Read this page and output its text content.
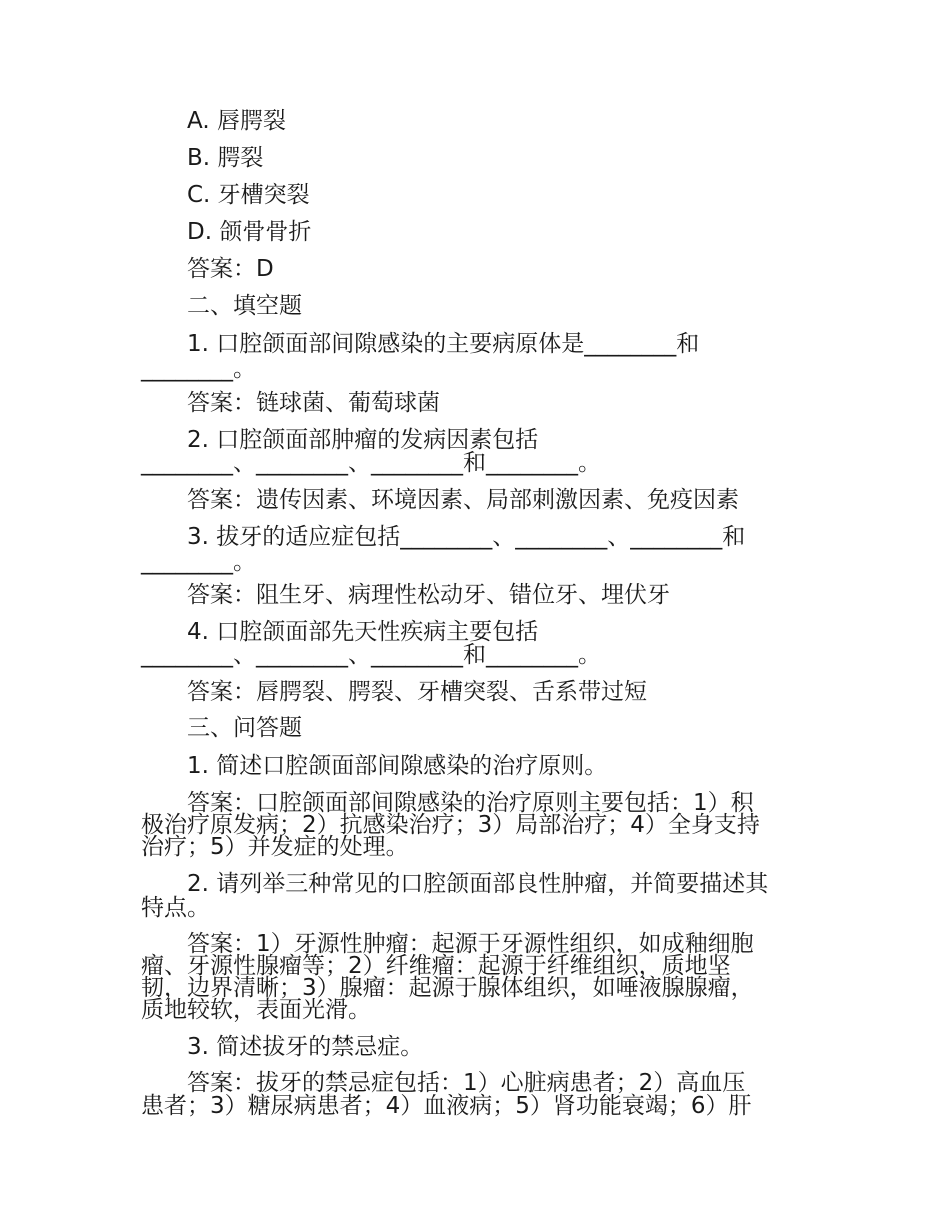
A. 唇腭裂
B. 腭裂
C. 牙槽突裂
D. 颌骨骨折
答案：D
二、填空题
1. 口腔颌面部间隙感染的主要病原体是________和
________。
答案：链球菌、葡萄球菌
2. 口腔颌面部肿瘤的发病因素包括
________、________、________和________。
答案：遗传因素、环境因素、局部刺激因素、免疫因素
3. 拔牙的适应症包括________、________、________和
________。
答案：阻生牙、病理性松动牙、错位牙、埋伏牙
4. 口腔颌面部先天性疾病主要包括
________、________、________和________。
答案：唇腭裂、腭裂、牙槽突裂、舌系带过短
三、问答题
1. 简述口腔颌面部间隙感染的治疗原则。
答案：口腔颌面部间隙感染的治疗原则主要包括：1）积
极治疗原发病；2）抗感染治疗；3）局部治疗；4）全身支持
治疗；5）并发症的处理。
2. 请列举三种常见的口腔颌面部良性肿瘤，并简要描述其
特点。
答案：1）牙源性肿瘤：起源于牙源性组织，如成釉细胞
瘤、牙源性腺瘤等；2）纤维瘤：起源于纤维组织，质地坚
韧，边界清晰；3）腺瘤：起源于腺体组织，如唾液腺腺瘤，
质地较软，表面光滑。
3. 简述拔牙的禁忌症。
答案：拔牙的禁忌症包括：1）心脏病患者；2）高血压
患者；3）糖尿病患者；4）血液病；5）肾功能衰竭；6）肝
